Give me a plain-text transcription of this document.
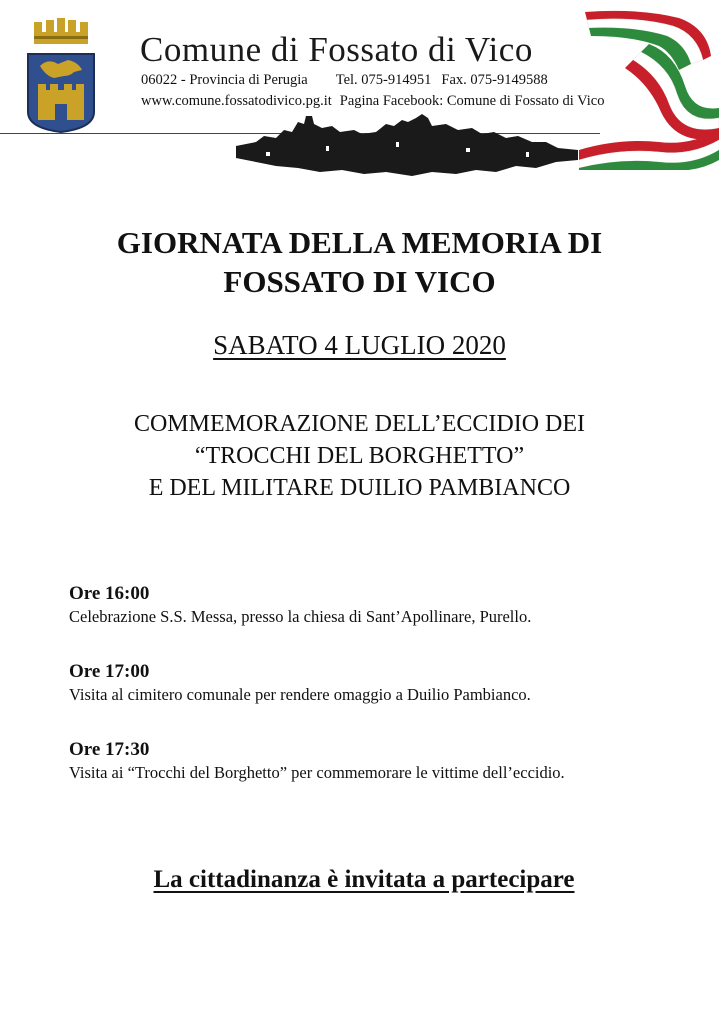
Comune di Fossato di Vico
06022 - Provincia di Perugia Tel. 075-914951 Fax. 075-9149588
www.comune.fossatodivico.pg.it Pagina Facebook: Comune di Fossato di Vico
GIORNATA DELLA MEMORIA DI
FOSSATO DI VICO
SABATO 4 LUGLIO 2020
COMMEMORAZIONE DELL’ECCIDIO DEI
“TROCCHI DEL BORGHETTO”
E DEL MILITARE DUILIO PAMBIANCO
Ore 16:00
Celebrazione S.S. Messa, presso la chiesa di Sant’Apollinare, Purello.
Ore 17:00
Visita al cimitero comunale per rendere omaggio a Duilio Pambianco.
Ore 17:30
Visita ai “Trocchi del Borghetto” per commemorare le vittime dell’eccidio.
La cittadinanza è invitata a partecipare
